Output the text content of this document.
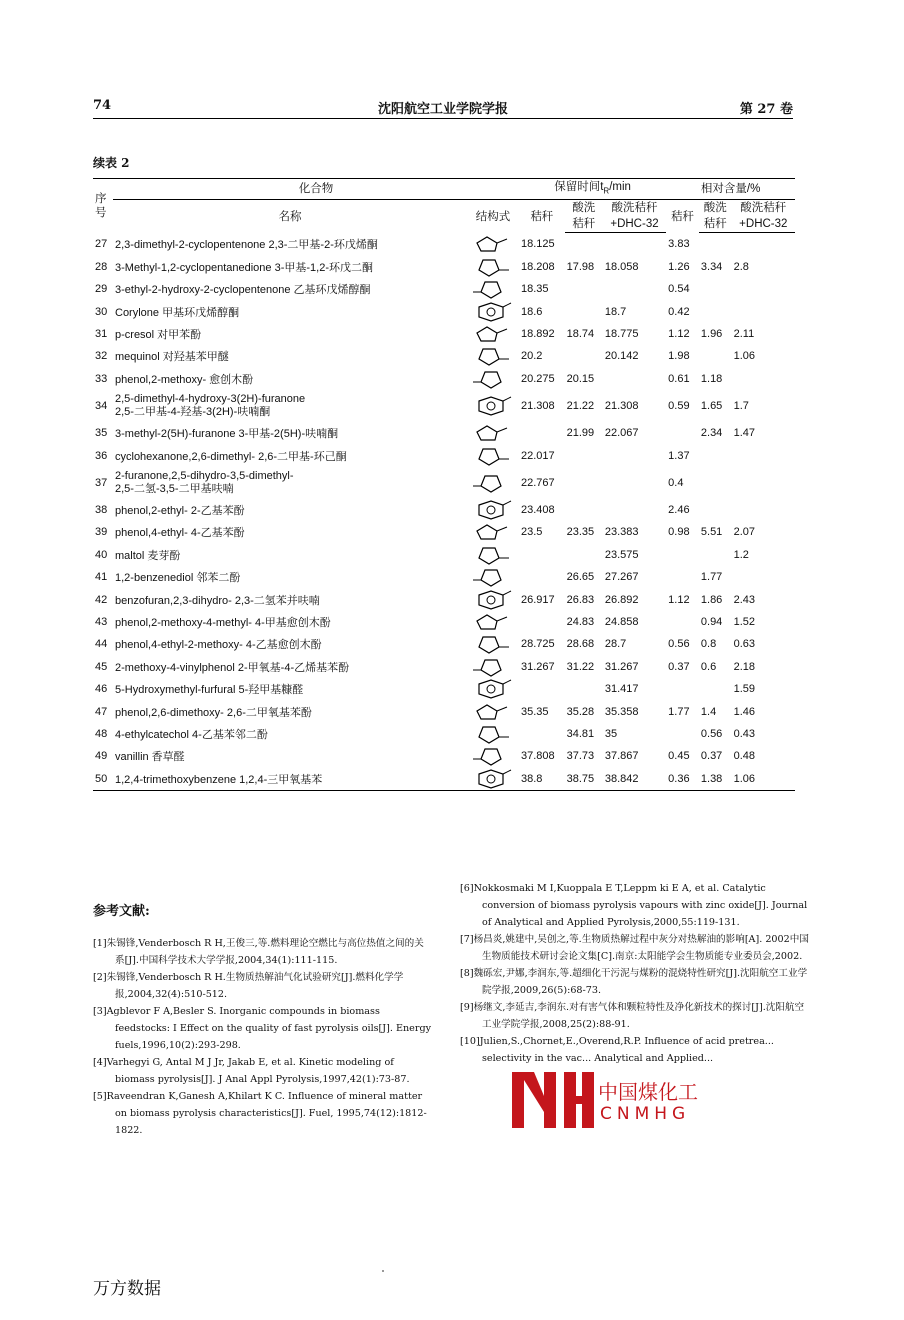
74	沈阳航空工业学院学报	第 27 卷
续表 2
序号	化合物		保留时间$t_R/\min$			相对含量/%		
	名称	结构式	秸秆	酸洗	酸洗秸秆	秸秆	酸洗	酸洗秸秆
				秸秆	+DHC-32		秸秆	+DHC-32
27	2,3-dimethyl-2-cyclopentenone 2,3-二甲基-2-环戊烯酮		18.125			3.83		
28	3-Methyl-1,2-cyclopentanedione 3-甲基-1,2-环戊二酮		18.208	17.98	18.058	1.26	3.34	2.8
29	3-ethyl-2-hydroxy-2-cyclopentenone 乙基环戊烯醇酮		18.35			0.54		
30	Corylone 甲基环戊烯醇酮		18.6		18.7	0.42		
31	p-cresol 对甲苯酚		18.892	18.74	18.775	1.12	1.96	2.11
32	mequinol 对羟基苯甲醚		20.2		20.142	1.98		1.06
33	phenol,2-methoxy- 愈创木酚		20.275	20.15		0.61	1.18	
34	2,5-dimethyl-4-hydroxy-3(2H)-furanone
2,5-二甲基-4-羟基-3(2H)-呋喃酮		21.308	21.22	21.308	0.59	1.65	1.7
35	3-methyl-2(5H)-furanone 3-甲基-2(5H)-呋喃酮			21.99	22.067		2.34	1.47
36	cyclohexanone,2,6-dimethyl- 2,6-二甲基-环己酮		22.017			1.37		
37	2-furanone,2,5-dihydro-3,5-dimethyl-
2,5-二氢-3,5-二甲基呋喃		22.767			0.4		
38	phenol,2-ethyl- 2-乙基苯酚		23.408			2.46		
39	phenol,4-ethyl- 4-乙基苯酚		23.5	23.35	23.383	0.98	5.51	2.07
40	maltol 麦芽酚				23.575			1.2
41	1,2-benzenediol 邻苯二酚			26.65	27.267		1.77	
42	benzofuran,2,3-dihydro- 2,3-二氢苯并呋喃		26.917	26.83	26.892	1.12	1.86	2.43
43	phenol,2-methoxy-4-methyl- 4-甲基愈创木酚			24.83	24.858		0.94	1.52
44	phenol,4-ethyl-2-methoxy- 4-乙基愈创木酚		28.725	28.68	28.7	0.56	0.8	0.63
45	2-methoxy-4-vinylphenol 2-甲氧基-4-乙烯基苯酚		31.267	31.22	31.267	0.37	0.6	2.18
46	5-Hydroxymethyl-furfural 5-羟甲基糠醛				31.417			1.59
47	phenol,2,6-dimethoxy- 2,6-二甲氧基苯酚		35.35	35.28	35.358	1.77	1.4	1.46
48	4-ethylcatechol 4-乙基苯邻二酚			34.81	35		0.56	0.43
49	vanillin 香草醛		37.808	37.73	37.867	0.45	0.37	0.48
50	1,2,4-trimethoxybenzene 1,2,4-三甲氧基苯		38.8	38.75	38.842	0.36	1.38	1.06
参考文献:
[1]朱锡锋,Venderbosch R H,王俊三,等.燃料理论空燃比与高位热值之间的关系[J].中国科学技术大学学报,2004,34(1):111-115.
[2]朱锡锋,Venderbosch R H.生物质热解油气化试验研究[J].燃料化学学报,2004,32(4):510-512.
[3]Agblevor F A,Besler S. Inorganic compounds in biomass feedstocks: I Effect on the quality of fast pyrolysis oils[J]. Energy fuels,1996,10(2):293-298.
[4]Varhegyi G, Antal M J Jr, Jakab E, et al. Kinetic modeling of biomass pyrolysis[J]. J Anal Appl Pyrolysis,1997,42(1):73-87.
[5]Raveendran K,Ganesh A,Khilart K C. Influence of mineral matter on biomass pyrolysis characteristics[J]. Fuel, 1995,74(12):1812-1822.
[6]Nokkosmaki M I,Kuoppala E T,Leppm ki E A, et al. Catalytic conversion of biomass pyrolysis vapours with zinc oxide[J]. Journal of Analytical and Applied Pyrolysis,2000,55:119-131.
[7]杨昌炎,姚建中,吴创之,等.生物质热解过程中灰分对热解油的影响[A]. 2002中国生物质能技术研讨会论文集[C].南京:太阳能学会生物质能专业委员会,2002.
[8]魏砾宏,尹娜,李润东,等.超细化干污泥与煤粉的混烧特性研究[J].沈阳航空工业学院学报,2009,26(5):68-73.
[9]杨继文,李延吉,李润东.对有害气体和颗粒特性及净化新技术的探讨[J].沈阳航空工业学院学报,2008,25(2):88-91.
[10]Julien,S.,Chornet,E.,Overend,R.P. Influence of acid pretrea... selectivity in the vac... Analytical and Applied...
中国煤化工
CNMHG
万方数据
